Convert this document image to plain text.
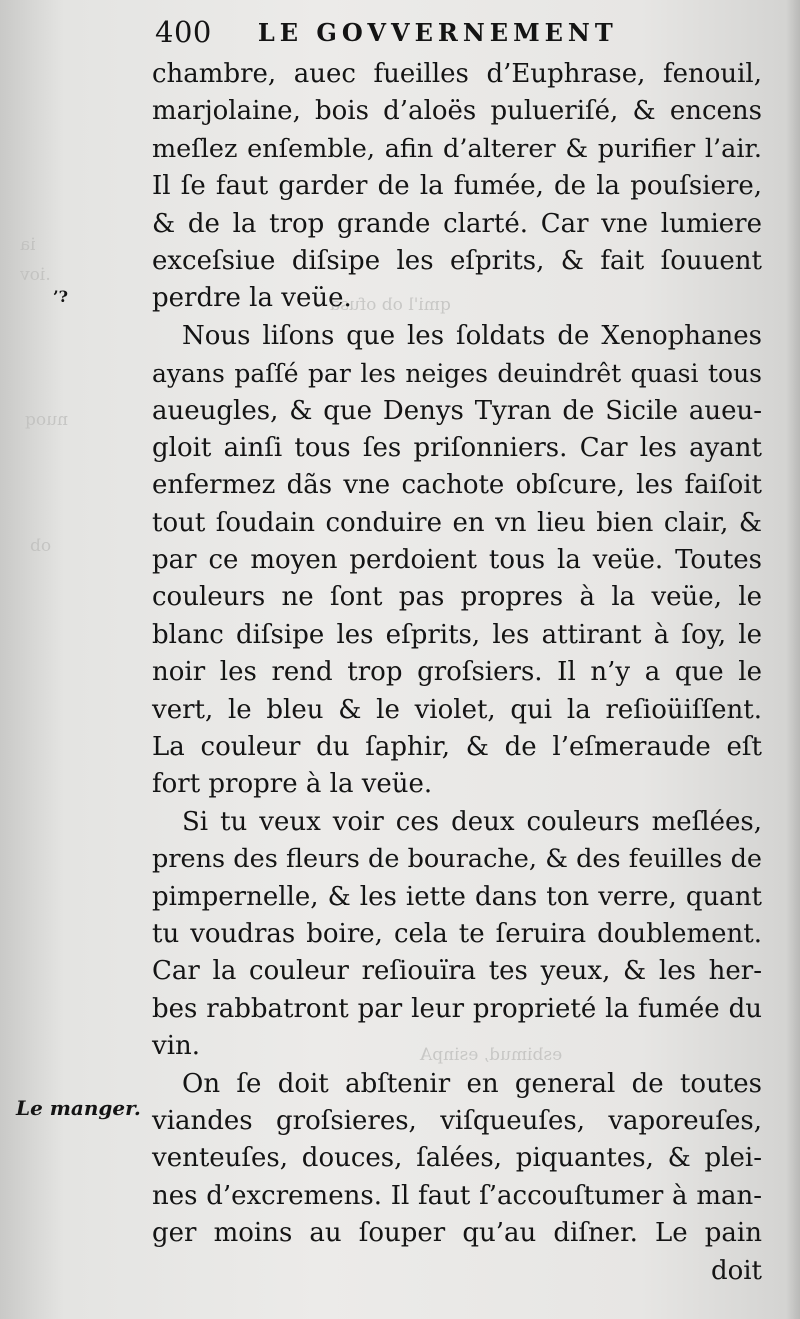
ia
.iov
nuoq
ob
qmi'l ob ofusa
esbimud, esinpA
400 LE GOVVERNEMENT
’?
Le manger.
chambre, auec fueilles d’Euphrase, fenouil,
marjolaine, bois d’aloës pulueriſé, & encens
meſlez enſemble, afin d’alterer & purifier l’air.
Il ſe faut garder de la fumée, de la pouſsiere,
& de la trop grande clarté. Car vne lumiere
exceſsiue diſsipe les eſprits, & fait ſouuent
perdre la veüe.
Nous liſons que les ſoldats de Xenophanes
ayans paſſé par les neiges deuindrêt quasi tous
aueugles, & que Denys Tyran de Sicile aueu-
gloit ainſi tous ſes priſonniers. Car les ayant
enfermez dãs vne cachote obſcure, les faiſoit
tout ſoudain conduire en vn lieu bien clair, &
par ce moyen perdoient tous la veüe. Toutes
couleurs ne ſont pas propres à la veüe, le
blanc diſsipe les eſprits, les attirant à ſoy, le
noir les rend trop groſsiers. Il n’y a que le
vert, le bleu & le violet, qui la reſioüiſſent.
La couleur du ſaphir, & de l’eſmeraude eſt
fort propre à la veüe.
Si tu veux voir ces deux couleurs meſlées,
prens des fleurs de bourache, & des feuilles de
pimpernelle, & les iette dans ton verre, quant
tu voudras boire, cela te ſeruira doublement.
Car la couleur reſiouïra tes yeux, & les her-
bes rabbatront par leur proprieté la fumée du
vin.
On ſe doit abſtenir en general de toutes
viandes groſsieres, viſqueuſes, vaporeuſes,
venteuſes, douces, ſalées, piquantes, & plei-
nes d’excremens. Il faut ſ’accouſtumer à man-
ger moins au ſouper qu’au diſner. Le pain
doit
